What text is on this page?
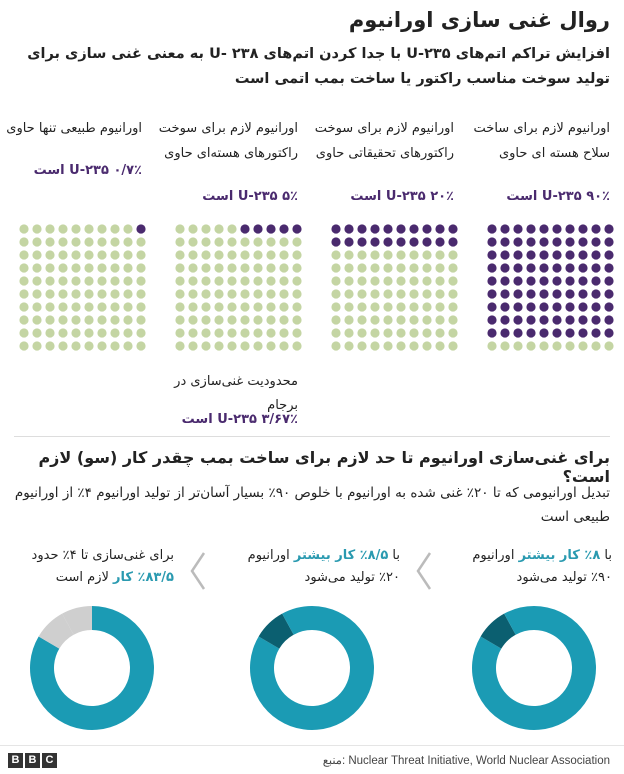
روال غنی سازی اورانیوم

افزایش تراکم اتم‌های ۲۳۵-U با جدا کردن اتم‌های ۲۳۸ -U به معنی غنی سازی برای تولید سوخت مناسب راکتور یا ساخت بمب اتمی است

اورانیوم لازم برای ساخت سلاح هسته ای حاوی
۹۰٪ ۲۳۵-U است
اورانیوم لازم برای سوخت راکتورهای تحقیقاتی حاوی
۲۰٪ ۲۳۵-U است
اورانیوم لازم برای سوخت راکتورهای هسته‌ای حاوی
۵٪ ۲۳۵-U است
اورانیوم طبیعی تنها حاوی
۰/۷٪ ۲۳۵-U است
محدودیت غنی‌سازی در برجام
۳/۶۷٪ ۲۳۵-U است
برای غنی‌سازی اورانیوم تا حد لازم برای ساخت بمب چقدر کار (سو) لازم است؟

تبدیل اورانیومی که تا ۲۰٪ غنی شده به اورانیوم با خلوص ۹۰٪ بسیار آسان‌تر از تولید اورانیوم ۴٪ از اورانیوم طبیعی است

با ۸٪ کار بیشتر اورانیوم ۹۰٪ تولید می‌شود
با ۸/۵٪ کار بیشتر اورانیوم ۲۰٪ تولید می‌شود
برای غنی‌سازی تا ۴٪ حدود ۸۳/۵٪ کار لازم است
B B C	منبع: Nuclear Threat Initiative, World Nuclear Association
